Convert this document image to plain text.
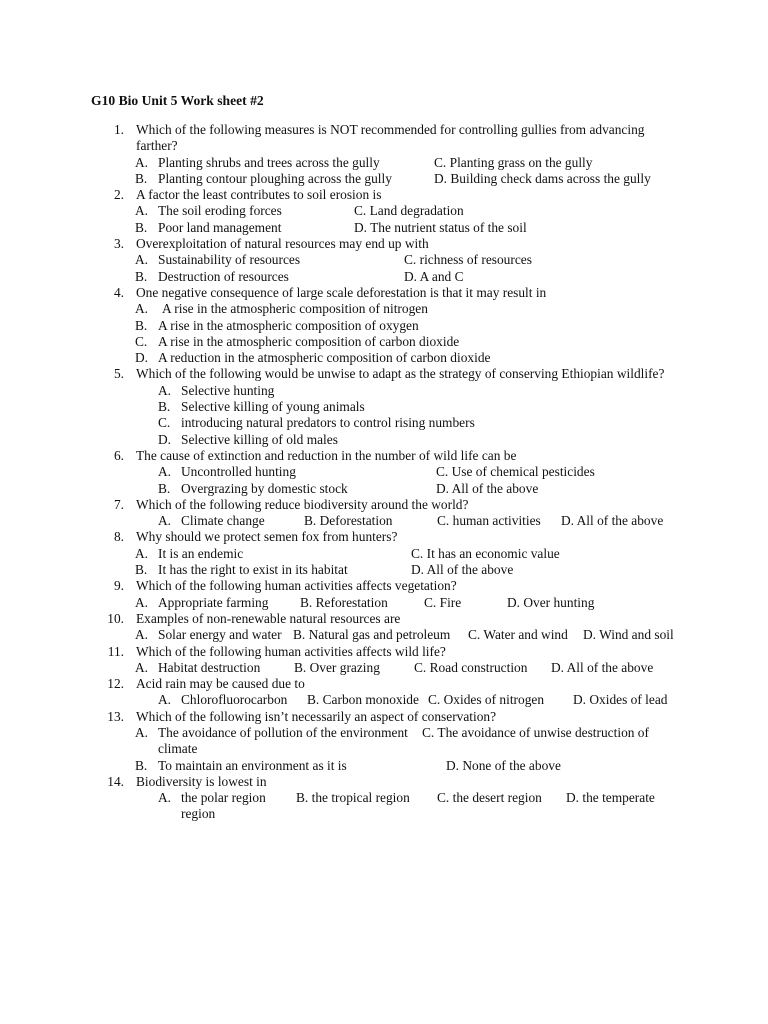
G10 Bio Unit 5 Work sheet #2
1. Which of the following measures is NOT recommended for controlling gullies from advancing farther?
A. Planting shrubs and trees across the gully	C. Planting grass on the gully
B. Planting contour ploughing across the gully	D. Building check dams across the gully
2. A factor the least contributes to soil erosion is
A. The soil eroding forces	C. Land degradation
B. Poor land management	D. The nutrient status of the soil
3. Overexploitation of natural resources may end up with
A. Sustainability of resources	C. richness of resources
B. Destruction of resources	D. A and C
4. One negative consequence of large scale deforestation is that it may result in
A. A rise in the atmospheric composition of nitrogen
B. A rise in the atmospheric composition of oxygen
C. A rise in the atmospheric composition of carbon dioxide
D. A reduction in the atmospheric composition of carbon dioxide
5. Which of the following would be unwise to adapt as the strategy of conserving Ethiopian wildlife?
A. Selective hunting
B. Selective killing of young animals
C. introducing natural predators to control rising numbers
D. Selective killing of old males
6. The cause of extinction and reduction in the number of wild life can be
A. Uncontrolled hunting	C. Use of chemical pesticides
B. Overgrazing by domestic stock	D. All of the above
7. Which of the following reduce biodiversity around the world?
A. Climate change	B. Deforestation	C. human activities D. All of the above
8. Why should we protect semen fox from hunters?
A. It is an endemic	C. It has an economic value
B. It has the right to exist in its habitat	D. All of the above
9. Which of the following human activities affects vegetation?
A. Appropriate farming B. Reforestation	C. Fire	D. Over hunting
10. Examples of non-renewable natural resources are
A. Solar energy and water B. Natural gas and petroleum C. Water and wind D. Wind and soil
11. Which of the following human activities affects wild life?
A. Habitat destruction	B. Over grazing	C. Road construction D. All of the above
12. Acid rain may be caused due to
A. Chlorofluorocarbon B. Carbon monoxide C. Oxides of nitrogen D. Oxides of lead
13. Which of the following isn’t necessarily an aspect of conservation?
A. The avoidance of pollution of the environment	C. The avoidance of unwise destruction of climate
B. To maintain an environment as it is	D. None of the above
14. Biodiversity is lowest in
A. the polar region B. the tropical region C. the desert region	D. the temperate region
